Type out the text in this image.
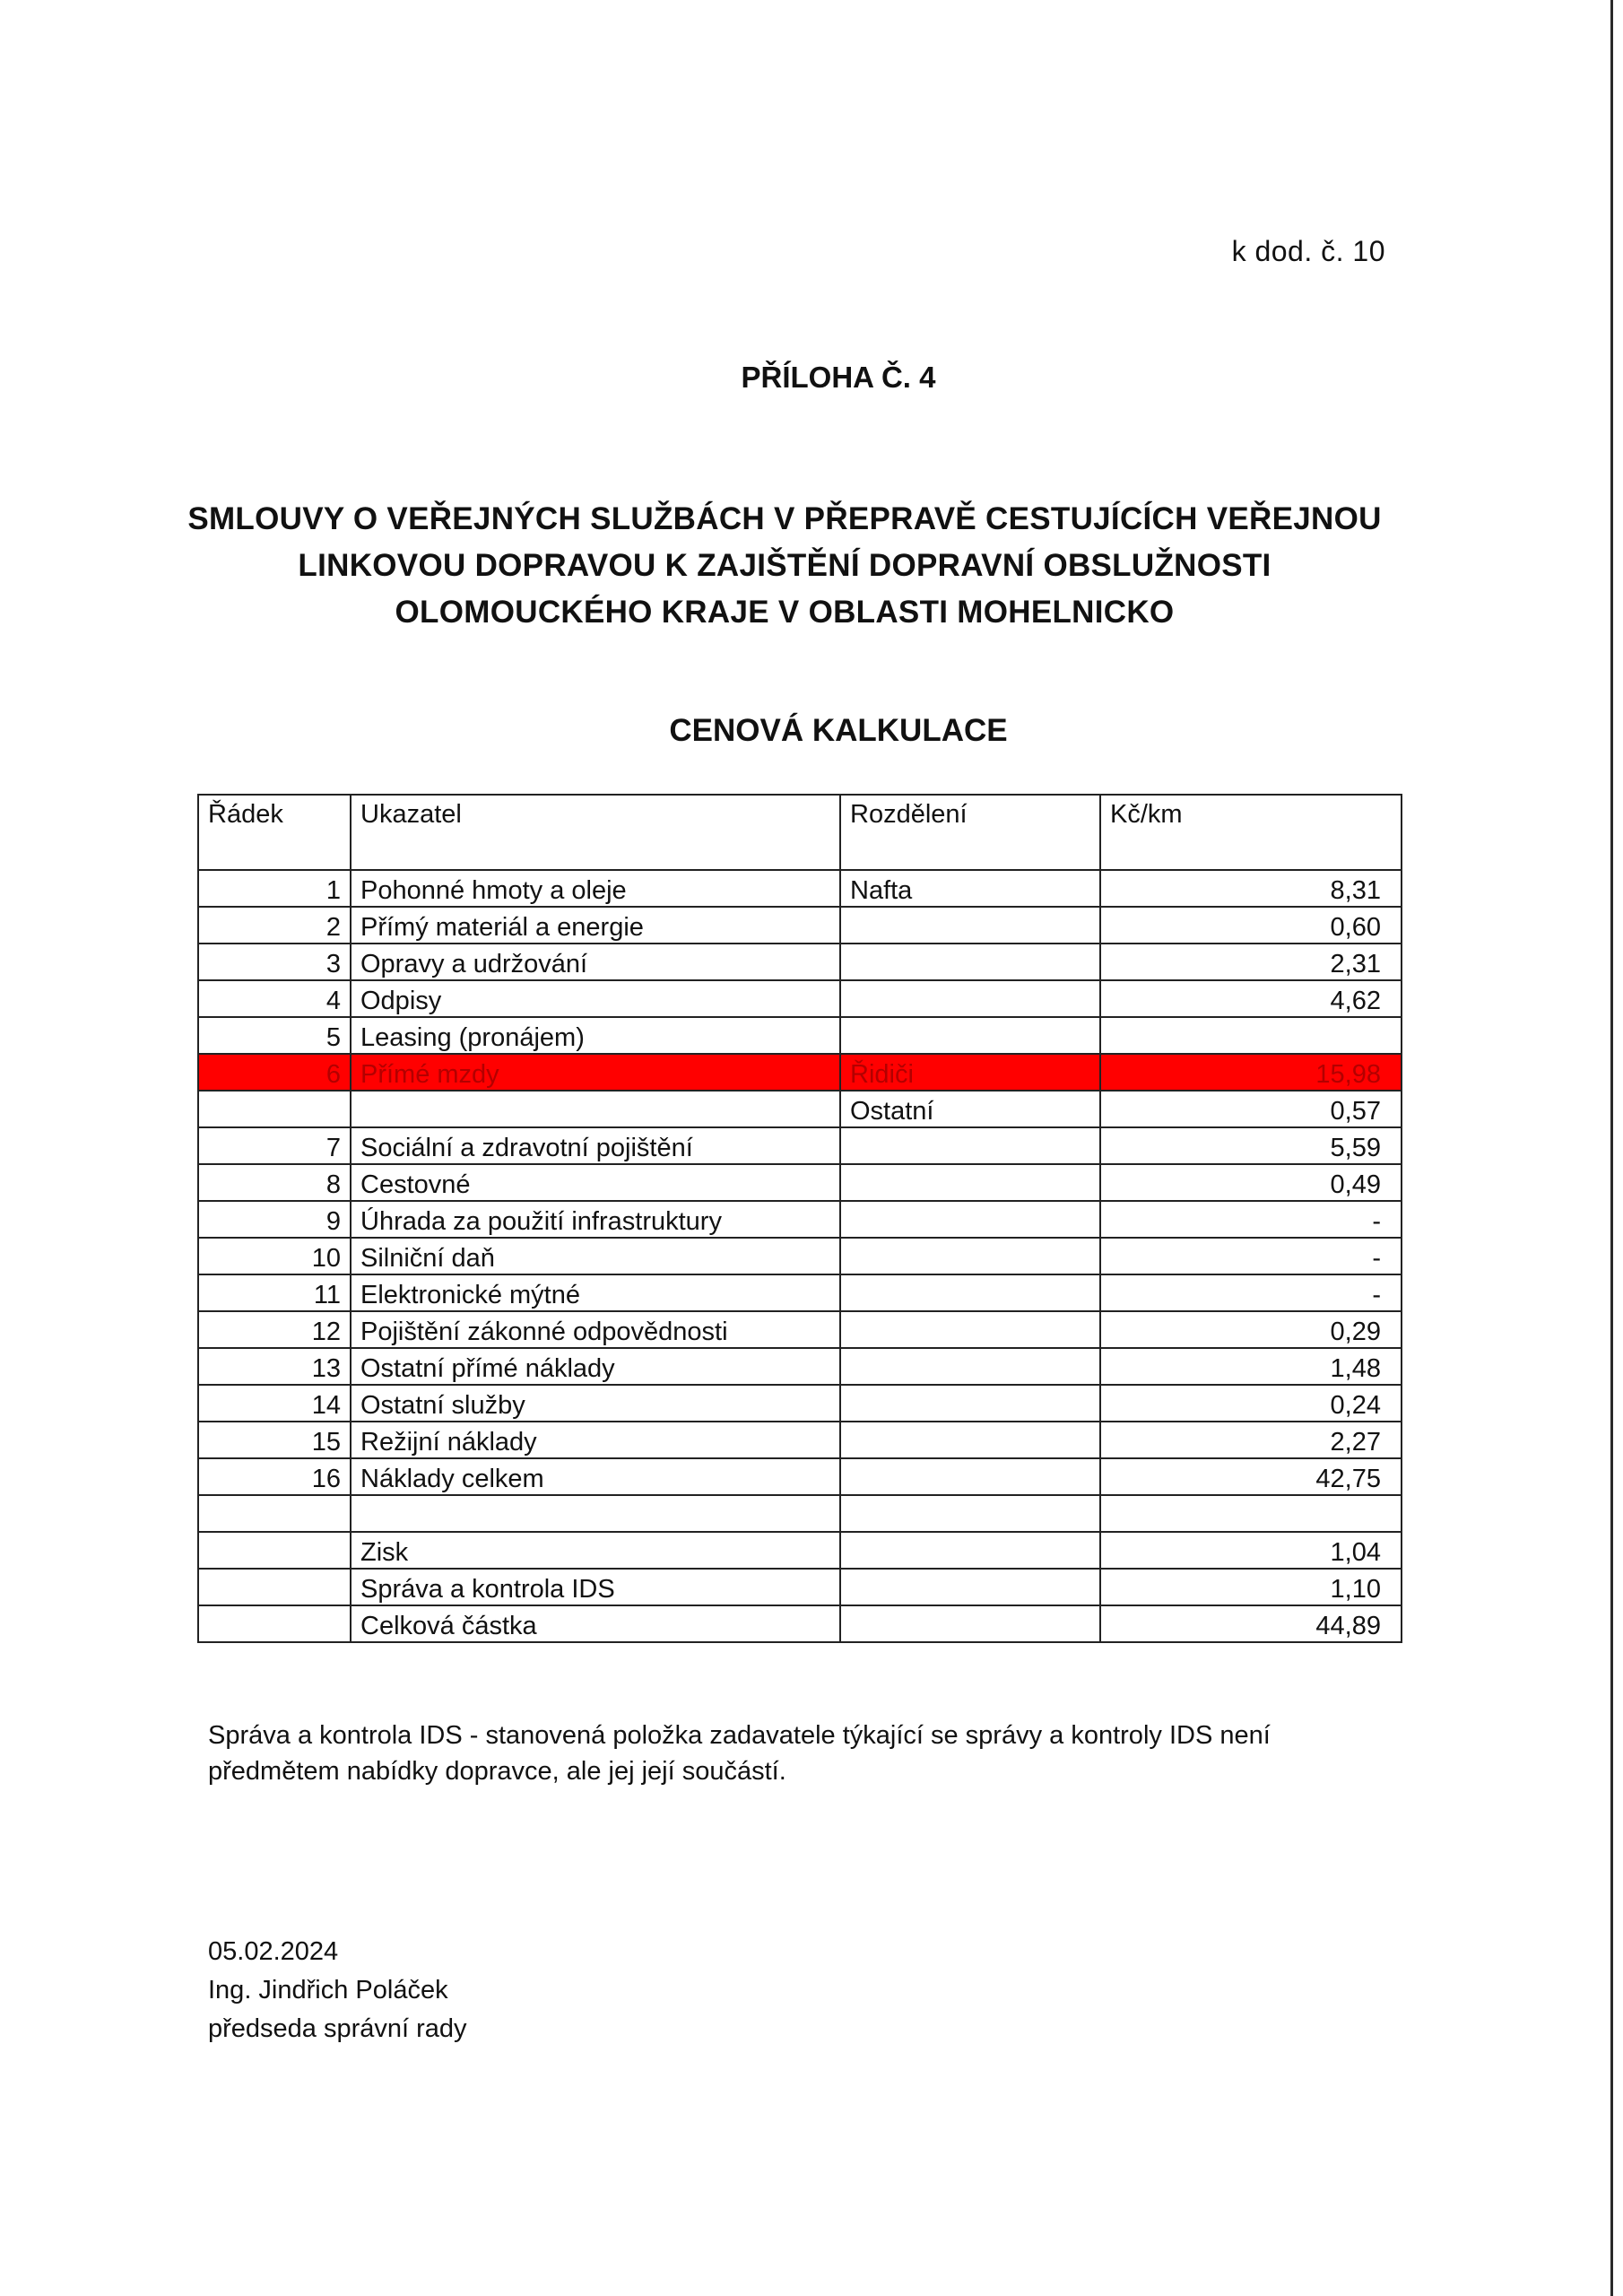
k dod. č. 10
PŘÍLOHA Č. 4
SMLOUVY O VEŘEJNÝCH SLUŽBÁCH V PŘEPRAVĚ CESTUJÍCÍCH VEŘEJNOU
LINKOVOU DOPRAVOU K ZAJIŠTĚNÍ DOPRAVNÍ OBSLUŽNOSTI
OLOMOUCKÉHO KRAJE V OBLASTI MOHELNICKO
CENOVÁ KALKULACE
Řádek	Ukazatel	Rozdělení	Kč/km

1	Pohonné hmoty a oleje	Nafta	8,31
2	Přímý materiál a energie		0,60
3	Opravy a udržování		2,31
4	Odpisy		4,62
5	Leasing (pronájem)		
6	Přímé mzdy	Řidiči	15,98
		Ostatní	0,57
7	Sociální a zdravotní pojištění		5,59
8	Cestovné		0,49
9	Úhrada za použití infrastruktury		-
10	Silniční daň		-
11	Elektronické mýtné		-
12	Pojištění zákonné odpovědnosti		0,29
13	Ostatní přímé náklady		1,48
14	Ostatní služby		0,24
15	Režijní náklady		2,27
16	Náklady celkem		42,75

	Zisk		1,04
	Správa a kontrola IDS		1,10
	Celková částka		44,89
Správa a kontrola IDS - stanovená položka zadavatele týkající se správy a kontroly IDS není
předmětem nabídky dopravce, ale jej její součástí.
05.02.2024
Ing. Jindřich Poláček
předseda správní rady
